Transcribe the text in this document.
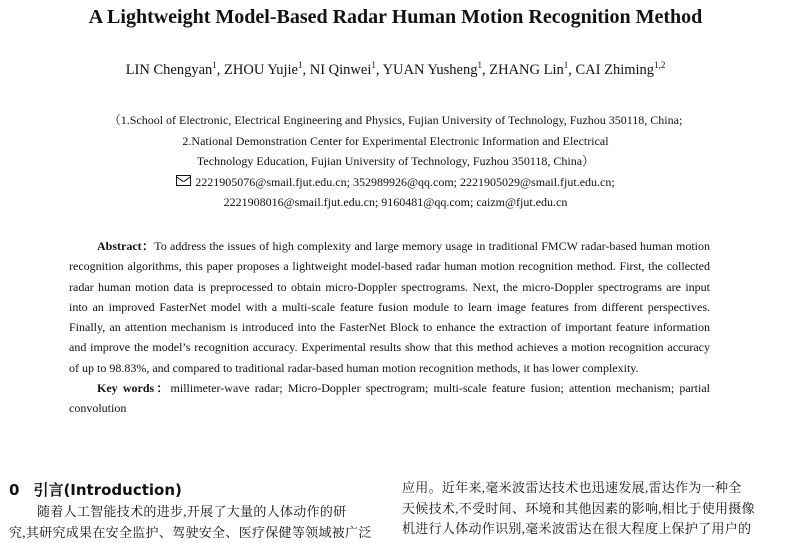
A Lightweight Model-Based Radar Human Motion Recognition Method
LIN Chengyan$^1$, ZHOU Yujie$^1$, NI Qinwei$^1$, YUAN Yusheng$^1$, ZHANG Lin$^1$, CAI Zhiming$^{1,2}$
（1.School of Electronic, Electrical Engineering and Physics, Fujian University of Technology, Fuzhou 350118, China;
2.National Demonstration Center for Experimental Electronic Information and Electrical
Technology Education, Fujian University of Technology, Fuzhou 350118, China）
2221905076@smail.fjut.edu.cn; 352989926@qq.com; 2221905029@smail.fjut.edu.cn;
2221908016@smail.fjut.edu.cn; 9160481@qq.com; caizm@fjut.edu.cn

Abstract：To address the issues of high complexity and large memory usage in traditional FMCW radar-based human motion recognition algorithms, this paper proposes a lightweight model-based radar human motion recognition method. First, the collected radar human motion data is preprocessed to obtain micro-Doppler spectrograms. Next, the micro-Doppler spectrograms are input into an improved FasterNet model with a multi-scale feature fusion module to learn image features from different perspectives. Finally, an attention mechanism is introduced into the FasterNet Block to enhance the extraction of important feature information and improve the model’s recognition accuracy. Experimental results show that this method achieves a motion recognition accuracy of up to 98.83%, and compared to traditional radar-based human motion recognition methods, it has lower complexity.

Key words：millimeter-wave radar; Micro-Doppler spectrogram; multi-scale feature fusion; attention mechanism; partial convolution

0 引言(Introduction)

随着人工智能技术的进步,开展了大量的人体动作的研

究,其研究成果在安全监护、驾驶安全、医疗保健等领域被广泛

应用。近年来,毫米波雷达技术也迅速发展,雷达作为一种全

天候技术,不受时间、环境和其他因素的影响,相比于使用摄像

机进行人体动作识别,毫米波雷达在很大程度上保护了用户的
